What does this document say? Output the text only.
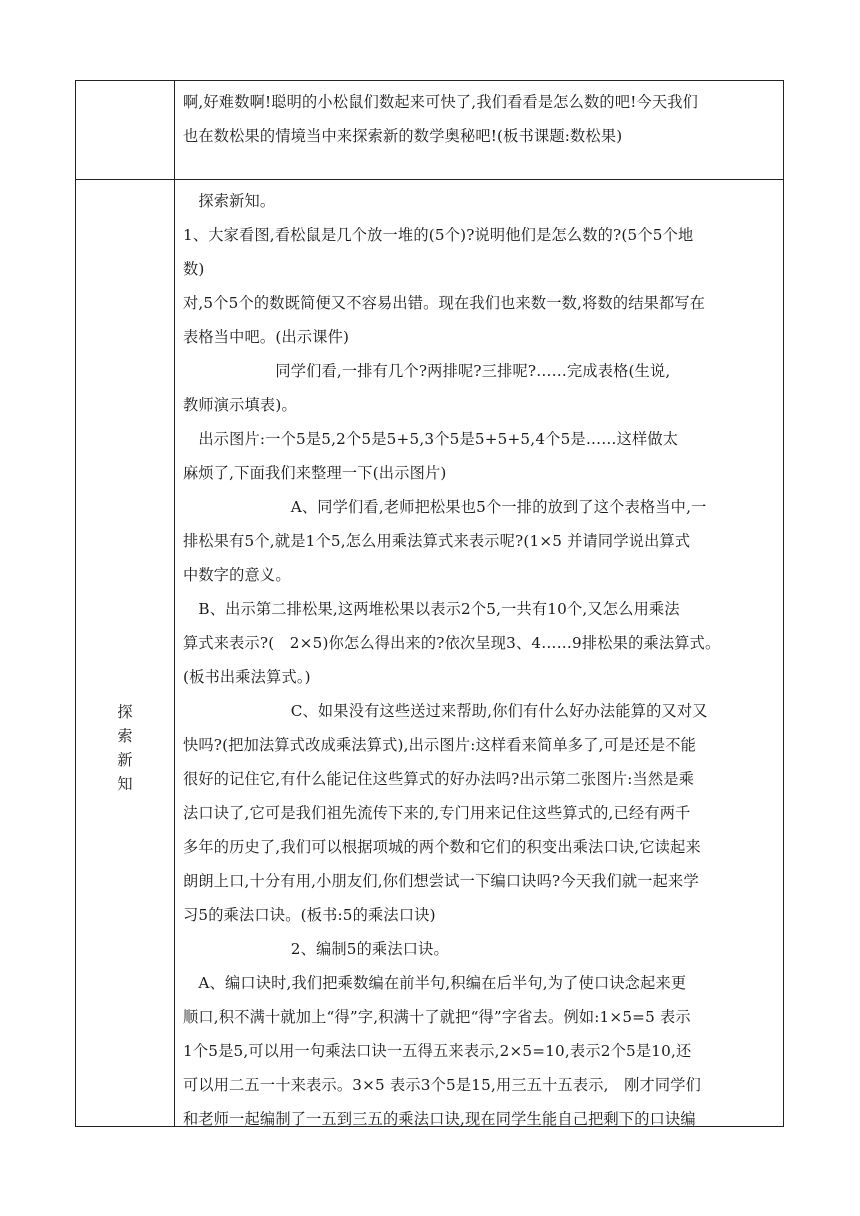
啊,好难数啊!聪明的小松鼠们数起来可快了,我们看看是怎么数的吧!今天我们
也在数松果的情境当中来探索新的数学奥秘吧!(板书课题:数松果)
探
索
新
知
　探索新知。
1、大家看图,看松鼠是几个放一堆的(5个)?说明他们是怎么数的?(5个5个地
数)
对,5个5个的数既简便又不容易出错。现在我们也来数一数,将数的结果都写在
表格当中吧。(出示课件)
　　　　　　同学们看,一排有几个?两排呢?三排呢?……完成表格(生说,
教师演示填表)。
　出示图片:一个5是5,2个5是5+5,3个5是5+5+5,4个5是……这样做太
麻烦了,下面我们来整理一下(出示图片)
　　　　　　　A、同学们看,老师把松果也5个一排的放到了这个表格当中,一
排松果有5个,就是1个5,怎么用乘法算式来表示呢?(1×5 并请同学说出算式
中数字的意义。
　B、出示第二排松果,这两堆松果以表示2个5,一共有10个,又怎么用乘法
算式来表示?(　2×5)你怎么得出来的?依次呈现3、4……9排松果的乘法算式。
(板书出乘法算式。)
　　　　　　　C、如果没有这些送过来帮助,你们有什么好办法能算的又对又
快吗?(把加法算式改成乘法算式),出示图片:这样看来简单多了,可是还是不能
很好的记住它,有什么能记住这些算式的好办法吗?出示第二张图片:当然是乘
法口诀了,它可是我们祖先流传下来的,专门用来记住这些算式的,已经有两千
多年的历史了,我们可以根据项城的两个数和它们的积变出乘法口诀,它读起来
朗朗上口,十分有用,小朋友们,你们想尝试一下编口诀吗?今天我们就一起来学
习5的乘法口诀。(板书:5的乘法口诀)
　　　　　　　2、编制5的乘法口诀。
　A、编口诀时,我们把乘数编在前半句,积编在后半句,为了使口诀念起来更
顺口,积不满十就加上“得”字,积满十了就把“得”字省去。例如:1×5=5 表示
1个5是5,可以用一句乘法口诀一五得五来表示,2×5=10,表示2个5是10,还
可以用二五一十来表示。3×5 表示3个5是15,用三五十五表示,　刚才同学们
和老师一起编制了一五到三五的乘法口诀,现在同学生能自己把剩下的口诀编
